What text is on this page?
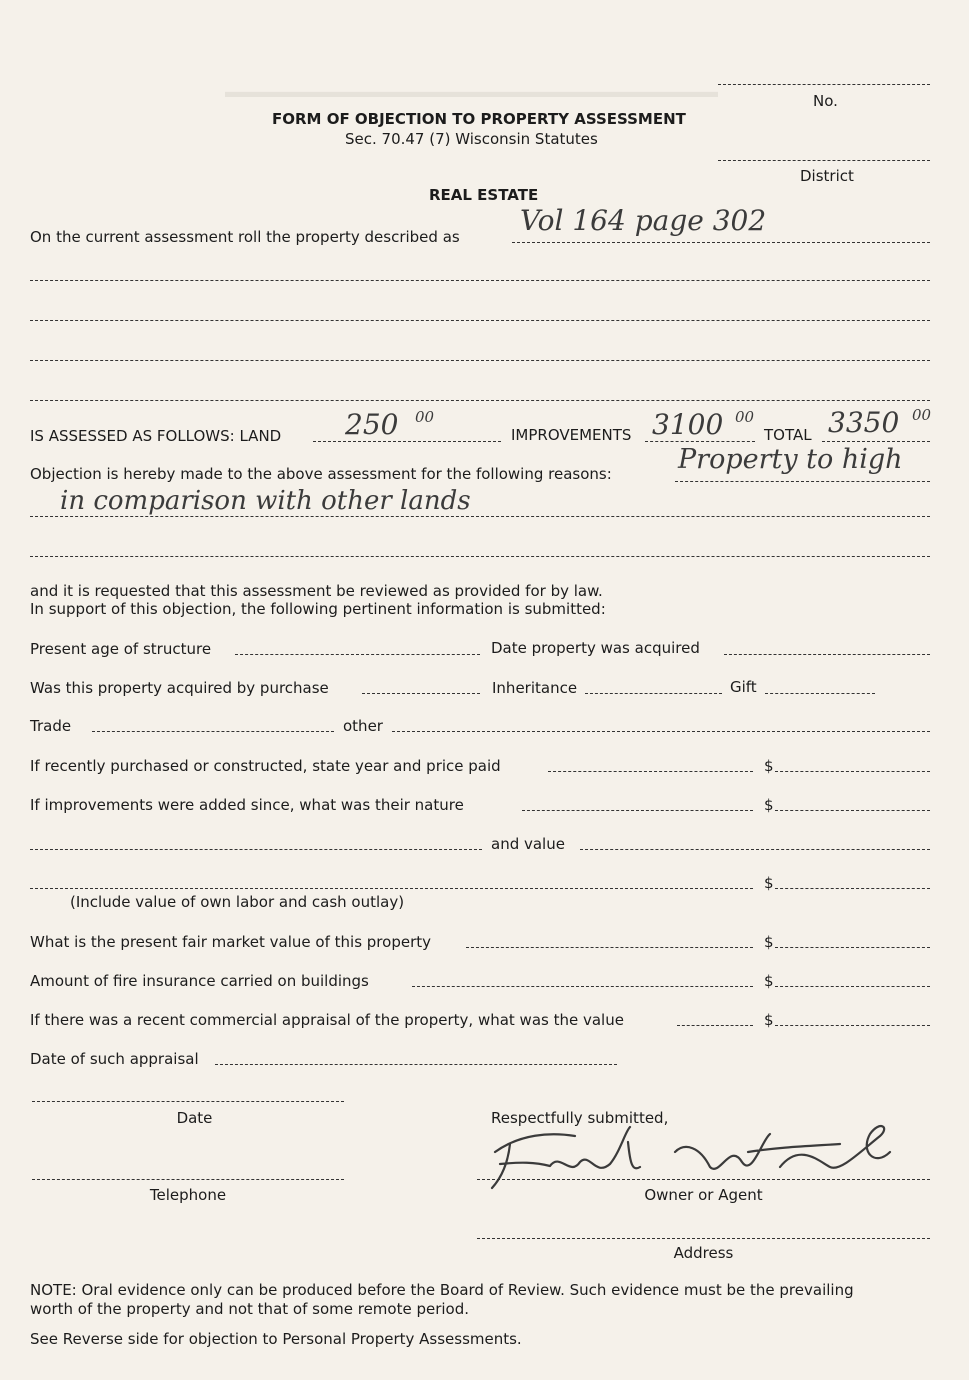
▬▬▬▬▬▬▬▬▬▬▬▬▬▬▬▬▬▬▬▬▬▬▬▬▬▬▬▬▬	No.
FORM OF OBJECTION TO PROPERTY ASSESSMENT
Sec. 70.47 (7) Wisconsin Statutes
District
REAL ESTATE
On the current assessment roll the property described as Vol 164 page 302
IS ASSESSED AS FOLLOWS: LAND 250 00
IMPROVEMENTS 3100 00
TOTAL 3350 00
Objection is hereby made to the above assessment for the following reasons: Property to high
in comparison with other lands
and it is requested that this assessment be reviewed as provided for by law.
In support of this objection, the following pertinent information is submitted:
Present age of structure	Date property was acquired
Was this property acquired by purchase	Inheritance	Gift
Trade	other
If recently purchased or constructed, state year and price paid	$
If improvements were added since, what was their nature	$
and value
$
(Include value of own labor and cash outlay)
What is the present fair market value of this property	$
Amount of fire insurance carried on buildings	$
If there was a recent commercial appraisal of the property, what was the value	$
Date of such appraisal
Date	Respectfully submitted,
Telephone	Owner or Agent
Address
NOTE: Oral evidence only can be produced before the Board of Review. Such evidence must be the prevailing
worth of the property and not that of some remote period.
See Reverse side for objection to Personal Property Assessments.
